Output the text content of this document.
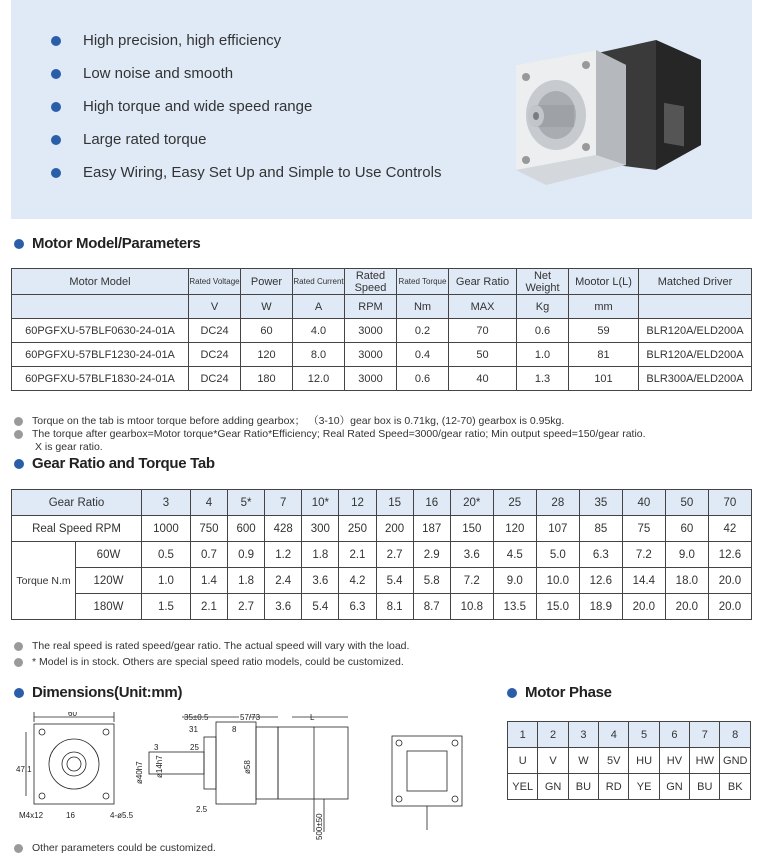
High precision, high efficiency
Low noise and smooth
High torque and wide speed range
Large rated torque
Easy Wiring, Easy Set Up and Simple to Use Controls
Motor Model/Parameters
Motor Model	Rated Voltage	Power	Rated Current	Rated Speed	Rated Torque	Gear Ratio	Net Weight	Mootor L(L)	Matched Driver
	V	W	A	RPM	Nm	MAX	Kg	mm	
60PGFXU-57BLF0630-24-01A	DC24	60	4.0	3000	0.2	70	0.6	59	BLR120A/ELD200A
60PGFXU-57BLF1230-24-01A	DC24	120	8.0	3000	0.4	50	1.0	81	BLR120A/ELD200A
60PGFXU-57BLF1830-24-01A	DC24	180	12.0	3000	0.6	40	1.3	101	BLR300A/ELD200A
Torque on the tab is mtoor torque before adding gearbox； （3-10）gear box is 0.71kg, (12-70) gearbox is 0.95kg.
The torque after gearbox=Motor torque*Gear Ratio*Efficiency; Real Rated Speed=3000/gear ratio; Min output speed=150/gear ratio.
X is gear ratio.
Gear Ratio and Torque Tab
Gear Ratio		3	4	5*	7	10*	12	15	16	20*	25	28	35	40	50	70
Real Speed RPM		1000	750	600	428	300	250	200	187	150	120	107	85	75	60	42
Torque N.m	60W	0.5	0.7	0.9	1.2	1.8	2.1	2.7	2.9	3.6	4.5	5.0	6.3	7.2	9.0	12.6
	120W	1.0	1.4	1.8	2.4	3.6	4.2	5.4	5.8	7.2	9.0	10.0	12.6	14.4	18.0	20.0
	180W	1.5	2.1	2.7	3.6	5.4	6.3	8.1	8.7	10.8	13.5	15.0	18.9	20.0	20.0	20.0
The real speed is rated speed/gear ratio. The actual speed will vary with the load.
* Model is in stock. Others are special speed ratio models, could be customized.
Dimensions(Unit:mm)	Motor Phase
60
47.1
M4x12	16	4-ø5.5
35±0.5
31
25
3
ø40h7 ø14h7	ø58
2.5
57/73
8
L
500±50
1	2	3	4	5	6	7	8
U	V	W	5V	HU	HV	HW	GND
YEL	GN	BU	RD	YE	GN	BU	BK
Other parameters could be customized.
